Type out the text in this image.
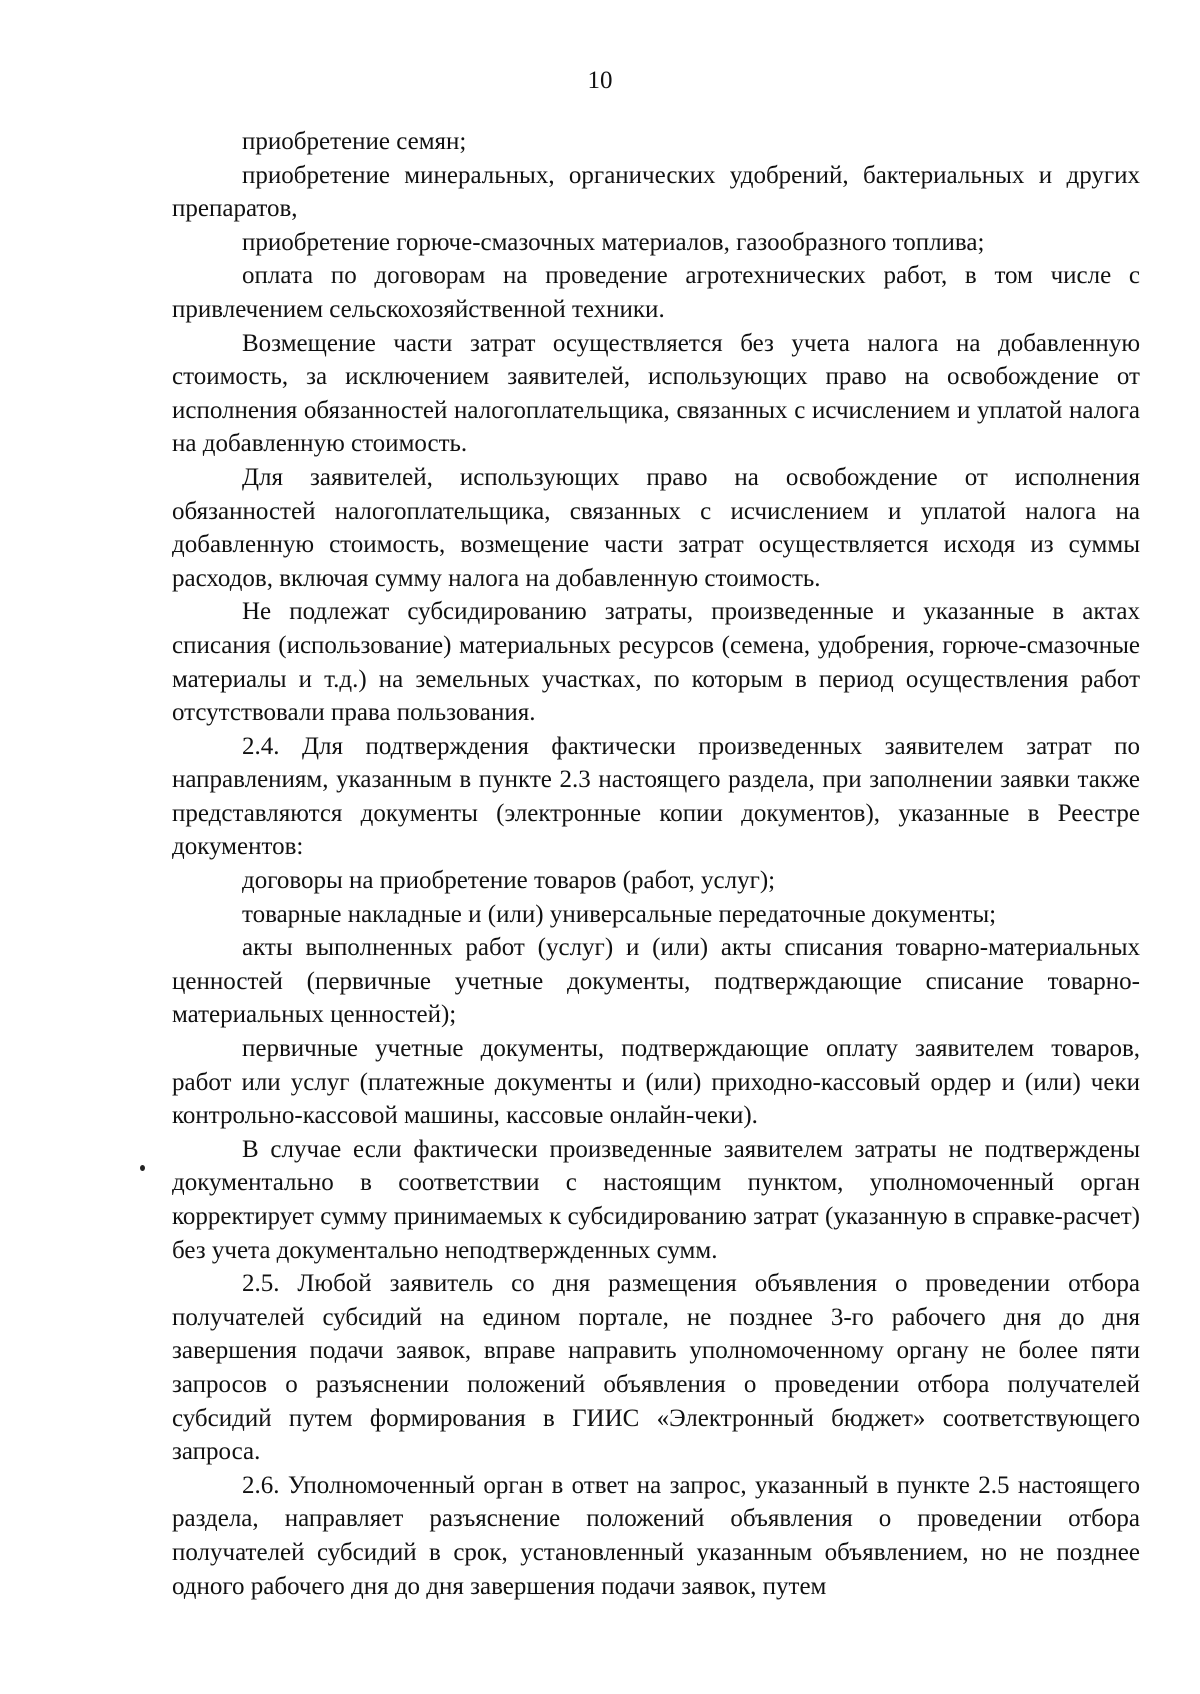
10

приобретение семян;

приобретение минеральных, органических удобрений, бактериальных и других препаратов,

приобретение горюче-смазочных материалов, газообразного топлива;

оплата по договорам на проведение агротехнических работ, в том числе с привлечением сельскохозяйственной техники.

Возмещение части затрат осуществляется без учета налога на добавленную стоимость, за исключением заявителей, использующих право на освобождение от исполнения обязанностей налогоплательщика, связанных с исчислением и уплатой налога на добавленную стоимость.

Для заявителей, использующих право на освобождение от исполнения обязанностей налогоплательщика, связанных с исчислением и уплатой налога на добавленную стоимость, возмещение части затрат осуществляется исходя из суммы расходов, включая сумму налога на добавленную стоимость.

Не подлежат субсидированию затраты, произведенные и указанные в актах списания (использование) материальных ресурсов (семена, удобрения, горюче-смазочные материалы и т.д.) на земельных участках, по которым в период осуществления работ отсутствовали права пользования.

2.4. Для подтверждения фактически произведенных заявителем затрат по направлениям, указанным в пункте 2.3 настоящего раздела, при заполнении заявки также представляются документы (электронные копии документов), указанные в Реестре документов:

договоры на приобретение товаров (работ, услуг);

товарные накладные и (или) универсальные передаточные документы;

акты выполненных работ (услуг) и (или) акты списания товарно-материальных ценностей (первичные учетные документы, подтверждающие списание товарно-материальных ценностей);

первичные учетные документы, подтверждающие оплату заявителем товаров, работ или услуг (платежные документы и (или) приходно-кассовый ордер и (или) чеки контрольно-кассовой машины, кассовые онлайн-чеки).

В случае если фактически произведенные заявителем затраты не подтверждены документально в соответствии с настоящим пунктом, уполномоченный орган корректирует сумму принимаемых к субсидированию затрат (указанную в справке-расчет) без учета документально неподтвержденных сумм.

2.5. Любой заявитель со дня размещения объявления о проведении отбора получателей субсидий на едином портале, не позднее 3-го рабочего дня до дня завершения подачи заявок, вправе направить уполномоченному органу не более пяти запросов о разъяснении положений объявления о проведении отбора получателей субсидий путем формирования в ГИИС «Электронный бюджет» соответствующего запроса.

2.6. Уполномоченный орган в ответ на запрос, указанный в пункте 2.5 настоящего раздела, направляет разъяснение положений объявления о проведении отбора получателей субсидий в срок, установленный указанным объявлением, но не позднее одного рабочего дня до дня завершения подачи заявок, путем
